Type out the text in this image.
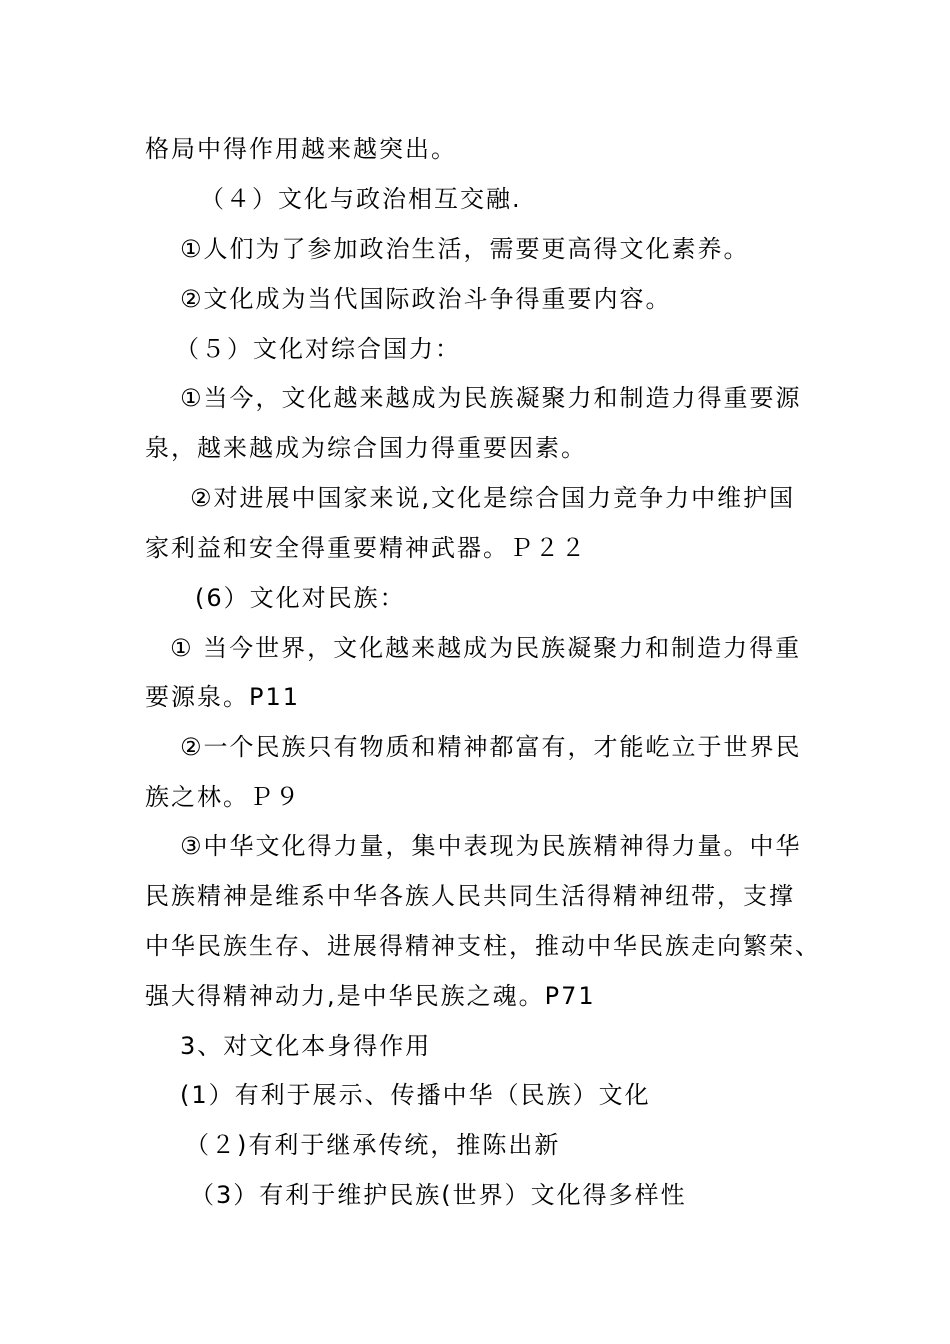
格局中得作用越来越突出。
（４）文化与政治相互交融.
①人们为了参加政治生活，需要更高得文化素养。
②文化成为当代国际政治斗争得重要内容。
（５）文化对综合国力：
①当今，文化越来越成为民族凝聚力和制造力得重要源
泉，越来越成为综合国力得重要因素。
②对进展中国家来说,文化是综合国力竞争力中维护国
家利益和安全得重要精神武器。Ｐ２２
(6）文化对民族：
① 当今世界，文化越来越成为民族凝聚力和制造力得重
要源泉。P11
②一个民族只有物质和精神都富有，才能屹立于世界民
族之林。Ｐ９
③中华文化得力量，集中表现为民族精神得力量。中华
民族精神是维系中华各族人民共同生活得精神纽带，支撑
中华民族生存、进展得精神支柱，推动中华民族走向繁荣、
强大得精神动力,是中华民族之魂。P71
3、对文化本身得作用
(1）有利于展示、传播中华（民族）文化
（２)有利于继承传统，推陈出新
（3）有利于维护民族(世界）文化得多样性
